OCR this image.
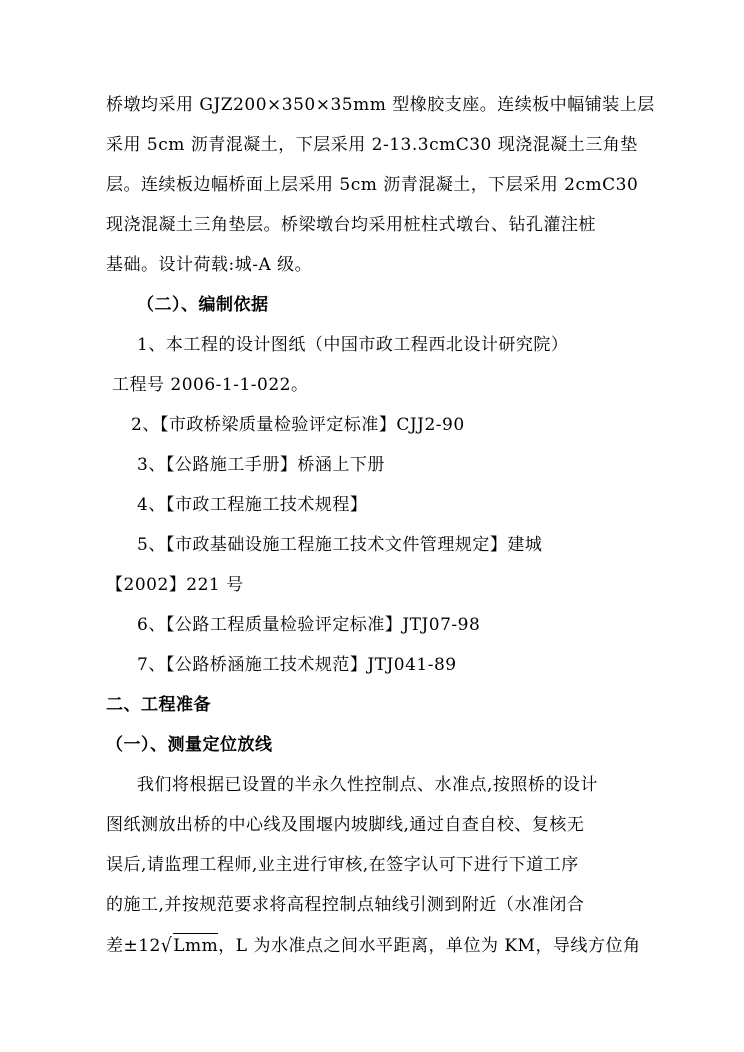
桥墩均采用 GJZ200×350×35mm 型橡胶支座。连续板中幅铺装上层
采用 5cm 沥青混凝土，下层采用 2-13.3cmC30 现浇混凝土三角垫
层。连续板边幅桥面上层采用 5cm 沥青混凝土，下层采用 2cmC30
现浇混凝土三角垫层。桥梁墩台均采用桩柱式墩台、钻孔灌注桩
基础。设计荷载:城-A 级。
（二）、编制依据
1、本工程的设计图纸（中国市政工程西北设计研究院）
工程号 2006-1-1-022。
2、【市政桥梁质量检验评定标准】CJJ2-90
3、【公路施工手册】桥涵上下册
4、【市政工程施工技术规程】
5、【市政基础设施工程施工技术文件管理规定】建城
【2002】221 号
6、【公路工程质量检验评定标准】JTJ07-98
7、【公路桥涵施工技术规范】JTJ041-89
二、工程准备
（一）、测量定位放线
我们将根据已设置的半永久性控制点、水准点,按照桥的设计
图纸测放出桥的中心线及围堰内坡脚线,通过自查自校、复核无
误后,请监理工程师,业主进行审核,在签字认可下进行下道工序
的施工,并按规范要求将高程控制点轴线引测到附近（水准闭合
差±12√Lmm，L 为水准点之间水平距离，单位为 KM，导线方位角
